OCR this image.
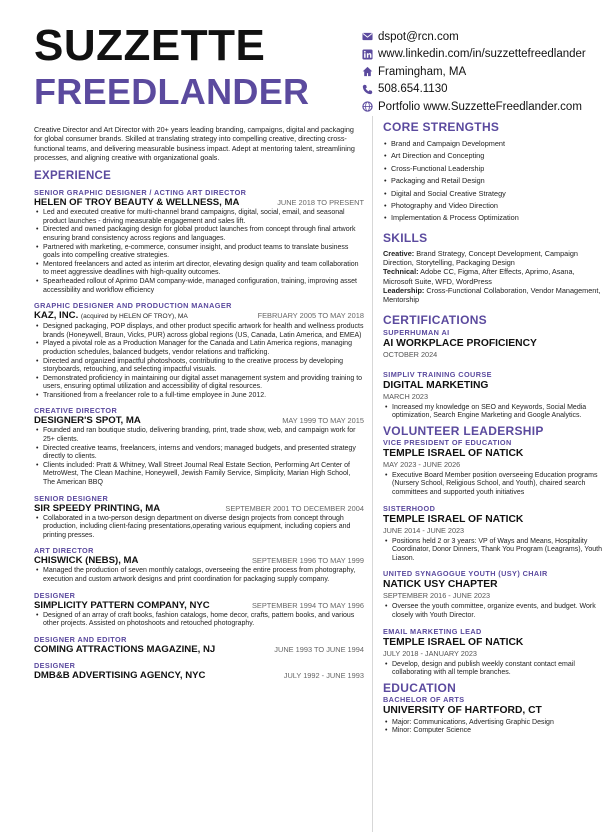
SUZZETTE
FREEDLANDER
dspot@rcn.com
www.linkedin.com/in/suzzettefreedlander
Framingham, MA
508.654.1130
Portfolio www.SuzzetteFreedlander.com

Creative Director and Art Director with 20+ years leading branding, campaigns, digital and packaging for global consumer brands. Skilled at translating strategy into compelling creative, directing cross-functional teams, and delivering measurable business impact. Adept at mentoring talent, streamlining processes, and aligning creative with organizational goals.

EXPERIENCE
SENIOR GRAPHIC DESIGNER / ACTING ART DIRECTOR
HELEN OF TROY BEAUTY & WELLNESS, MA	JUNE 2018 TO PRESENT
• Led and executed creative for multi-channel brand campaigns, digital, social, email, and seasonal product launches - driving measurable engagement and sales lift.
• Directed and owned packaging design for global product launches from concept through final artwork ensuring brand consistency across regions and languages.
• Partnered with marketing, e-commerce, consumer insight, and product teams to translate business goals into compelling creative strategies.
• Mentored freelancers and acted as interim art director, elevating design quality and team collaboration to meet aggressive deadlines with high-quality outcomes.
• Spearheaded rollout of Aprimo DAM company-wide, managed configuration, training, improving asset accessibility and workflow efficiency
GRAPHIC DESIGNER AND PRODUCTION MANAGER
KAZ, INC. (acquired by HELEN OF TROY), MA	FEBRUARY 2005 TO MAY 2018
• Designed packaging, POP displays, and other product specific artwork for health and wellness products brands (Honeywell, Braun, Vicks, PUR) across global regions (US, Canada, Latin America, and EMEA)
• Played a pivotal role as a Production Manager for the Canada and Latin America regions, managing production schedules, balanced budgets, vendor relations and trafficking.
• Directed and organized impactful photoshoots, contributing to the creative process by developing storyboards, retouching, and selecting impactful visuals.
• Demonstrated proficiency in maintaining our digital asset management system and providing training to users, ensuring optimal utilization and accessibility of digital resources.
• Transitioned from a freelancer role to a full-time employee in June 2012.
CREATIVE DIRECTOR
DESIGNER'S SPOT, MA	MAY 1999 TO MAY 2015
• Founded and ran boutique studio, delivering branding, print, trade show, web, and campaign work for 25+ clients.
• Directed creative teams, freelancers, interns and vendors; managed budgets, and presented strategy directly to clients.
• Clients included: Pratt & Whitney, Wall Street Journal Real Estate Section, Performing Art Center of MetroWest, The Clean Machine, Honeywell, Jewish Family Service, Simplicity, Marian High School, The American BBQ
SENIOR DESIGNER
SIR SPEEDY PRINTING, MA	SEPTEMBER 2001 TO DECEMBER 2004
• Collaborated in a two-person design department on diverse design projects from concept through production, including client-facing presentations,operating various equipment, including copiers and printing presses.
ART DIRECTOR
CHISWICK (NEBS), MA	SEPTEMBER 1996 TO MAY 1999
• Managed the production of seven monthly catalogs, overseeing the entire process from photography, execution and custom artwork designs and print coordination for packaging supply company.
DESIGNER
SIMPLICITY PATTERN COMPANY, NYC	SEPTEMBER 1994 TO MAY 1996
• Designed of an array of craft books, fashion catalogs, home decor, crafts, pattern books, and various other projects. Assisted on photoshoots and retouched photography.
DESIGNER AND EDITOR
COMING ATTRACTIONS MAGAZINE, NJ	JUNE 1993 TO JUNE 1994
DESIGNER
DMB&B ADVERTISING AGENCY, NYC	JULY 1992 - JUNE 1993
CORE STRENGTHS
• Brand and Campaign Development
• Art Direction and Concepting
• Cross-Functional Leadership
• Packaging and Retail Design
• Digital and Social Creative Strategy
• Photography and Video Direction
• Implementation & Process Optimization
SKILLS

Creative: Brand Strategy, Concept Development, Campaign Direction, Storytelling, Packaging Design

Technical: Adobe CC, Figma, After Effects, Aprimo, Asana, Microsoft Suite, WFD, WordPress

Leadership: Cross-Functional Collaboration, Vendor Management, Mentorship

CERTIFICATIONS
SUPERHUMAN AI
AI WORKPLACE PROFICIENCY
OCTOBER 2024
SIMPLIV TRAINING COURSE
DIGITAL MARKETING
MARCH 2023
• Increased my knowledge on SEO and Keywords, Social Media optimization, Search Engine Marketing and Google Analytics.
VOLUNTEER LEADERSHIP
VICE PRESIDENT OF EDUCATION
TEMPLE ISRAEL OF NATICK
MAY 2023 - JUNE 2026
• Executive Board Member position overseeing Education programs (Nursery School, Religious School, and Youth), chaired search committees and supported youth initiatives
SISTERHOOD
TEMPLE ISRAEL OF NATICK
JUNE 2014 - JUNE 2023
• Positions held 2 or 3 years: VP of Ways and Means, Hospitality Coordinator, Donor Dinners, Thank You Program (Leagrams), Youth Liason.
UNITED SYNAGOGUE YOUTH (USY) CHAIR
NATICK USY CHAPTER
SEPTEMBER 2016 - JUNE 2023
• Oversee the youth committee, organize events, and budget. Work closely with Youth Director.
EMAIL MARKETING LEAD
TEMPLE ISRAEL OF NATICK
JULY 2018 - JANUARY 2023
• Develop, design and publish weekly constant contact email collaborating with all temple branches.
EDUCATION
BACHELOR OF ARTS
UNIVERSITY OF HARTFORD, CT
• Major: Communications, Advertising Graphic Design
• Minor: Computer Science
